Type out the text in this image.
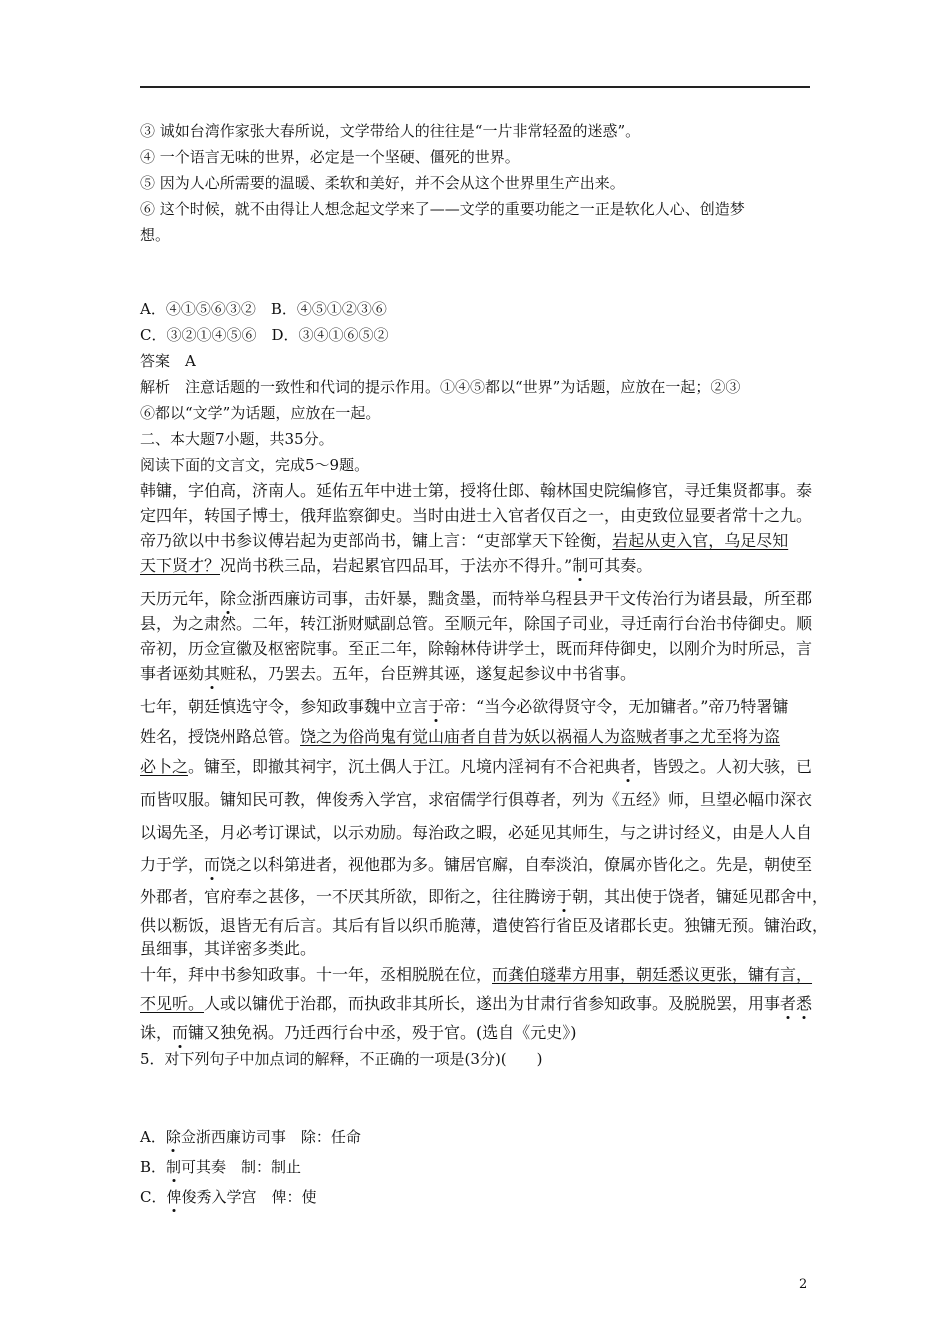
③ 诚如台湾作家张大春所说，文学带给人的往往是“一片非常轻盈的迷惑”。
④ 一个语言无味的世界，必定是一个坚硬、僵死的世界。
⑤ 因为人心所需要的温暖、柔软和美好，并不会从这个世界里生产出来。
⑥ 这个时候，就不由得让人想念起文学来了——文学的重要功能之一正是软化人心、创造梦
想。
A．④①⑤⑥③②　B．④⑤①②③⑥
C．③②①④⑤⑥　D．③④①⑥⑤②
答案　A
解析　注意话题的一致性和代词的提示作用。①④⑤都以“世界”为话题，应放在一起；②③
⑥都以“文学”为话题，应放在一起。
二、本大题7小题，共35分。
阅读下面的文言文，完成5～9题。
韩镛，字伯高，济南人。延佑五年中进士第，授将仕郎、翰林国史院编修官，寻迁集贤都事。泰
定四年，转国子博士，俄拜监察御史。当时由进士入官者仅百之一，由吏致位显要者常十之九。
帝乃欲以中书参议傅岩起为吏部尚书，镛上言：“吏部掌天下铨衡，岩起从吏入官，乌足尽知
天下贤才？况尚书秩三品，岩起累官四品耳，于法亦不得升。”制可其奏。
天历元年，除佥浙西廉访司事，击奸暴，黜贪墨，而特举乌程县尹干文传治行为诸县最，所至郡
县，为之肃然。二年，转江浙财赋副总管。至顺元年，除国子司业，寻迁南行台治书侍御史。顺
帝初，历佥宣徽及枢密院事。至正二年，除翰林侍讲学士，既而拜侍御史，以刚介为时所忌，言
事者诬劾其赃私，乃罢去。五年，台臣辨其诬，遂复起参议中书省事。
七年，朝廷慎选守令，参知政事魏中立言于帝：“当今必欲得贤守令，无加镛者。”帝乃特署镛
姓名，授饶州路总管。饶之为俗尚鬼有觉山庙者自昔为妖以祸福人为盗贼者事之尤至将为盗
必卜之。镛至，即撤其祠宇，沉土偶人于江。凡境内淫祠有不合祀典者，皆毁之。人初大骇，已
而皆叹服。镛知民可教，俾俊秀入学宫，求宿儒学行俱尊者，列为《五经》师，旦望必幅巾深衣
以谒先圣，月必考订课试，以示劝励。每治政之暇，必延见其师生，与之讲讨经义，由是人人自
力于学，而饶之以科第进者，视他郡为多。镛居官廨，自奉淡泊，僚属亦皆化之。先是，朝使至
外郡者，官府奉之甚侈，一不厌其所欲，即衔之，往往腾谤于朝，其出使于饶者，镛延见郡舍中，
供以粝饭，退皆无有后言。其后有旨以织币脆薄，遣使笞行省臣及诸郡长吏。独镛无预。镛治政，
虽细事，其详密多类此。
十年，拜中书参知政事。十一年，丞相脱脱在位，而龚伯璲辈方用事，朝廷悉议更张，镛有言，
不见听。人或以镛优于治郡，而执政非其所长，遂出为甘肃行省参知政事。及脱脱罢，用事者悉
诛，而镛又独免祸。乃迁西行台中丞，殁于官。(选自《元史》)
5．对下列句子中加点词的解释，不正确的一项是(3分)(　　)
A．除佥浙西廉访司事　除：任命
B．制可其奏　制：制止
C．俾俊秀入学宫　俾：使
2
